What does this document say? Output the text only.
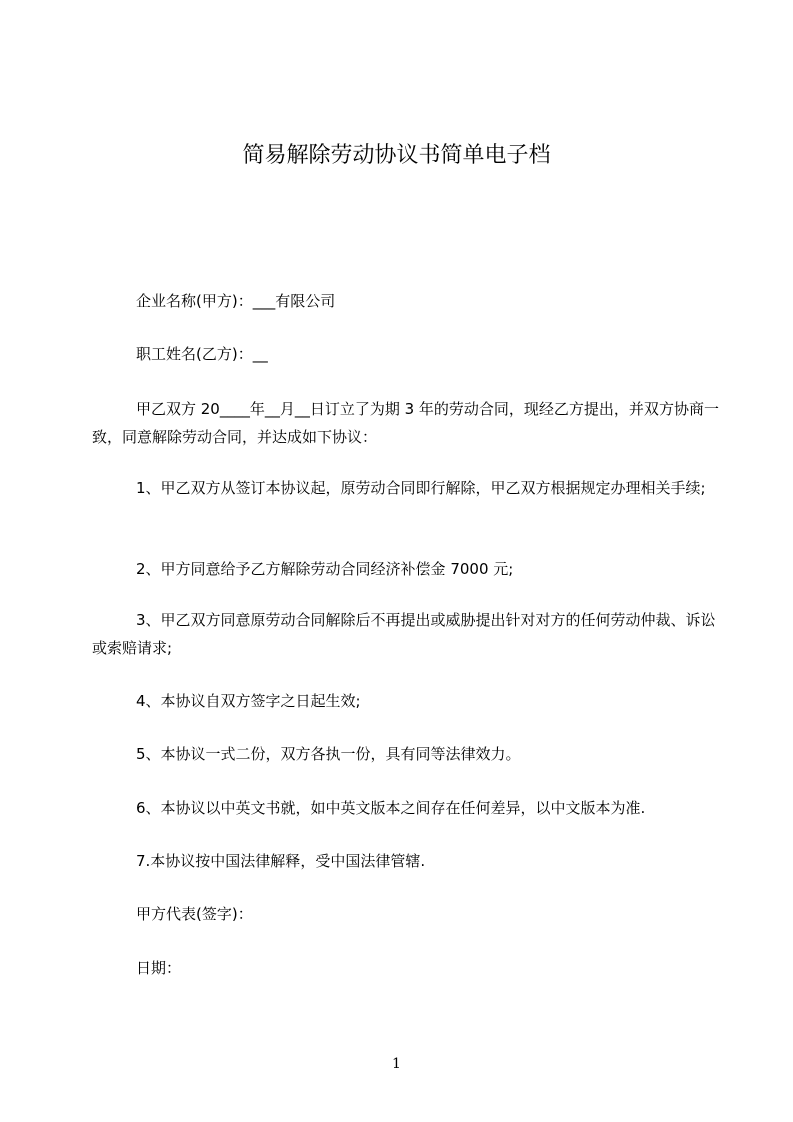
简易解除劳动协议书简单电子档
企业名称(甲方)：___有限公司
职工姓名(乙方)：__
甲乙双方 20____年__月__日订立了为期 3 年的劳动合同，现经乙方提出，并双方协商一致，同意解除劳动合同，并达成如下协议：
1、甲乙双方从签订本协议起，原劳动合同即行解除，甲乙双方根据规定办理相关手续;
2、甲方同意给予乙方解除劳动合同经济补偿金 7000 元;
3、甲乙双方同意原劳动合同解除后不再提出或威胁提出针对对方的任何劳动仲裁、诉讼或索赔请求;
4、本协议自双方签字之日起生效;
5、本协议一式二份，双方各执一份，具有同等法律效力。
6、本协议以中英文书就，如中英文版本之间存在任何差异，以中文版本为准.
7.本协议按中国法律解释，受中国法律管辖.
甲方代表(签字)：
日期：
1
